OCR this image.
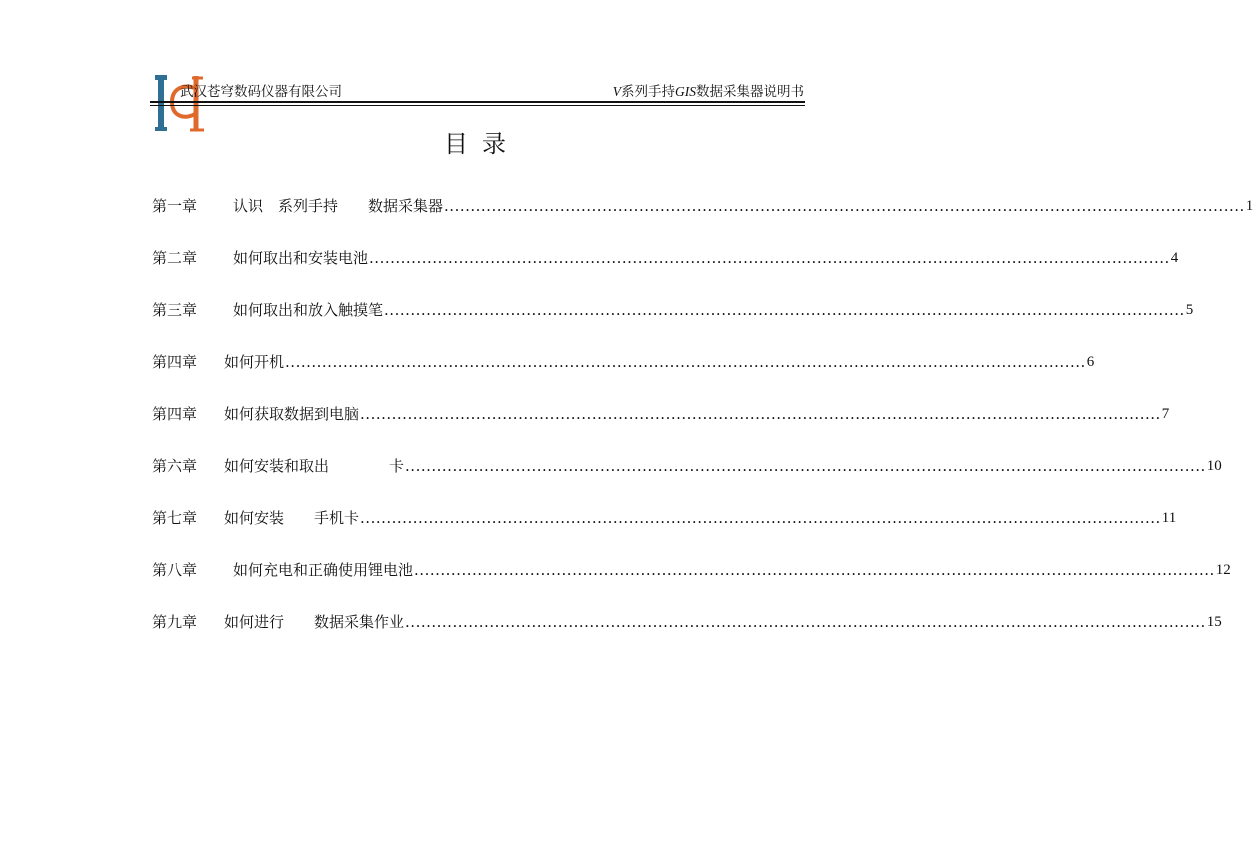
武汉苍穹数码仪器有限公司	V系列手持GIS数据采集器说明书
目录
第一章 认识　系列手持　　数据采集器 ........................................................................................................................................................ 1
第二章 如何取出和安装电池 ........................................................................................................................................................ 4
第三章 如何取出和放入触摸笔 ........................................................................................................................................................ 5
第四章 如何开机 ........................................................................................................................................................ 6
第四章 如何获取数据到电脑 ........................................................................................................................................................ 7
第六章 如何安装和取出　　　　卡 ........................................................................................................................................................ 10
第七章 如何安装　　手机卡 ........................................................................................................................................................ 11
第八章 如何充电和正确使用锂电池 ........................................................................................................................................................ 12
第九章 如何进行　　数据采集作业 ........................................................................................................................................................ 15
